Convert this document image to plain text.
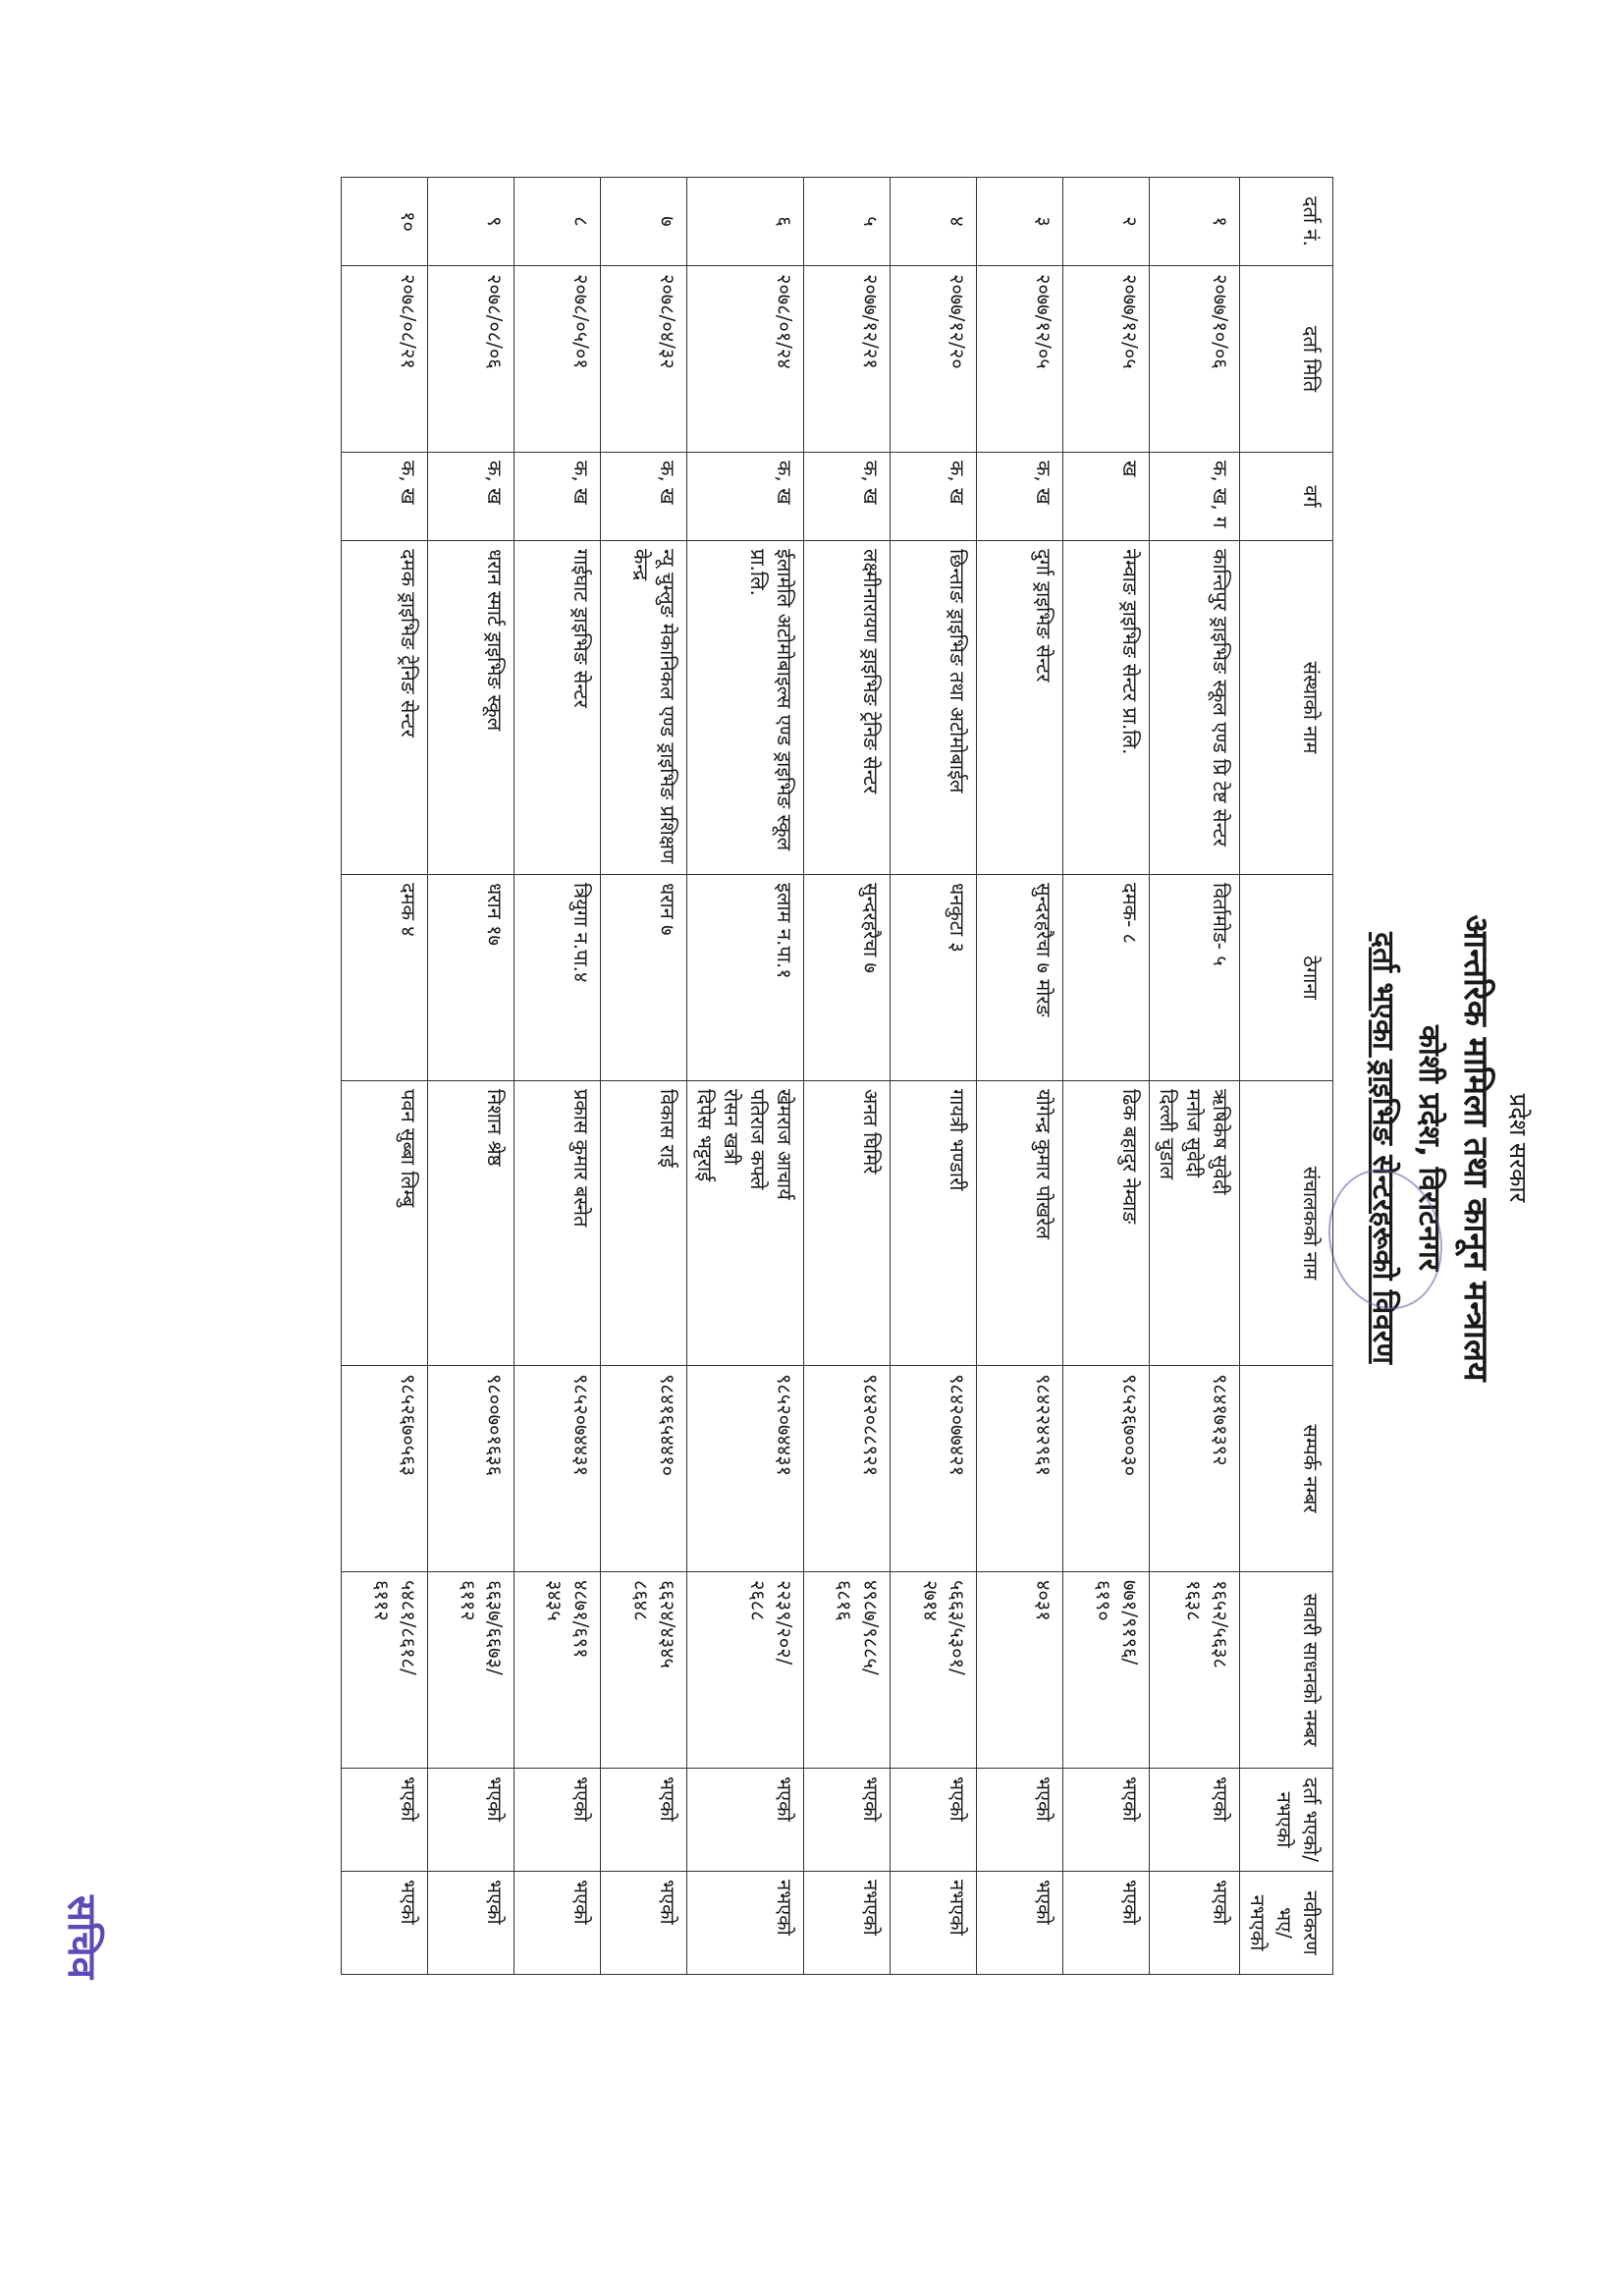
प्रदेश सरकार
आन्तरिक मामिला तथा कानून मन्त्रालय
कोशी प्रदेश, विराटनगर
दर्ता भएका ड्राइभिङ सेन्टरहरूको विवरण
दर्ता नं.	दर्ता मिति	वर्ग	संस्थाको नाम	ठेगाना	संचालकको नाम	सम्पर्क नम्बर	सवारी साधनको नम्बर	दर्ता भएको/ नभएको	नवीकरण भए/ नभएको
१	२०७७/१०/०६	क, ख, ग	कान्तिपुर ड्राइभिङ स्कूल एण्ड प्रि टेष्ट सेन्टर	विर्तामोड- ५	ऋषिकेष सुवेदी
मनोज सुवेदी
दिल्ली चुडाल	९८४१७१३९२	१६५२/५६३८
१६३८	भएको	भएको
२	२०७७/१२/०५	ख	नेम्वाङ ड्राइभिङ सेन्टर प्रा.लि.	दमक- ८	ढिक बहादुर नेम्वाङ	९८५२६७००३०	७७१/९१९६/
६१९०	भएको	भएको
३	२०७७/१२/०५	क, ख	दुर्गा ड्राइभिङ सेन्टर	सुन्दरहरैचा ७ मोरङ	योगेन्द्र कुमार पोखरेल	९८४२२४२९६१	४०३१	भएको	भएको
४	२०७७/१२/२०	क, ख	छिन्ताङ ड्राइभिङ तथा अटोमोबाईल	धनकुटा ३	गायत्री भण्डारी	९८४२०७७४२१	५६६३/५३०१/
२७१४	भएको	नभएको
५	२०७७/१२/२१	क, ख	लक्ष्मीनारायण ड्राइभिङ ट्रेनिङ सेन्टर	सुन्दरहरैचा ७	अनत घिमिरे	९८४२०८८९२१	४९८७/९८८५/
६८१६	भएको	नभएको
६	२०७८/०१/२४	क, ख	ईलामेलि अटोमोबाइल्स एण्ड ड्राइभिङ स्कूल प्रा.लि.	इलाम न.पा.१	खेमराज आचार्य
पतिराज कफ्ले
रोसन खत्री
दिपेस भट्टराई	९८५२०७४४३१	२२३९/२०२/
२६८८	भएको	नभएको
७	२०७८/०४/३२	क, ख	न्यू चुम्लुङ मेकानिकल एण्ड ड्राइभिङ प्रशिक्षण केन्द्र	धरान ७	विकास राई	९८४१६५४४१०	६६२४/४३४५
८६४८	भएको	भएको
८	२०७८/०५/०१	क, ख	गाईघाट ड्राइभिङ सेन्टर	त्रियुगा न.पा.४	प्रकास कुमार बस्नेत	९८५२०७४४३१	४८७१/६९१
३४३५	भएको	भएको
९	२०७८/०८/०६	क, ख	धरान स्मार्ट ड्राइभिङ स्कूल	धरान १७	निशान श्रेष्ठ	९८००७०१६३६	६६३७/६६७३/
६११२	भएको	भएको
१०	२०७८/०८/२१	क, ख	दमक ड्राइभिङ ट्रेनिङ सेन्टर	दमक ४	पवन सुब्बा लिम्बु	९८५२६७०५६३	५४८१/८६१८/
६११२	भएको	भएको
सचिव
